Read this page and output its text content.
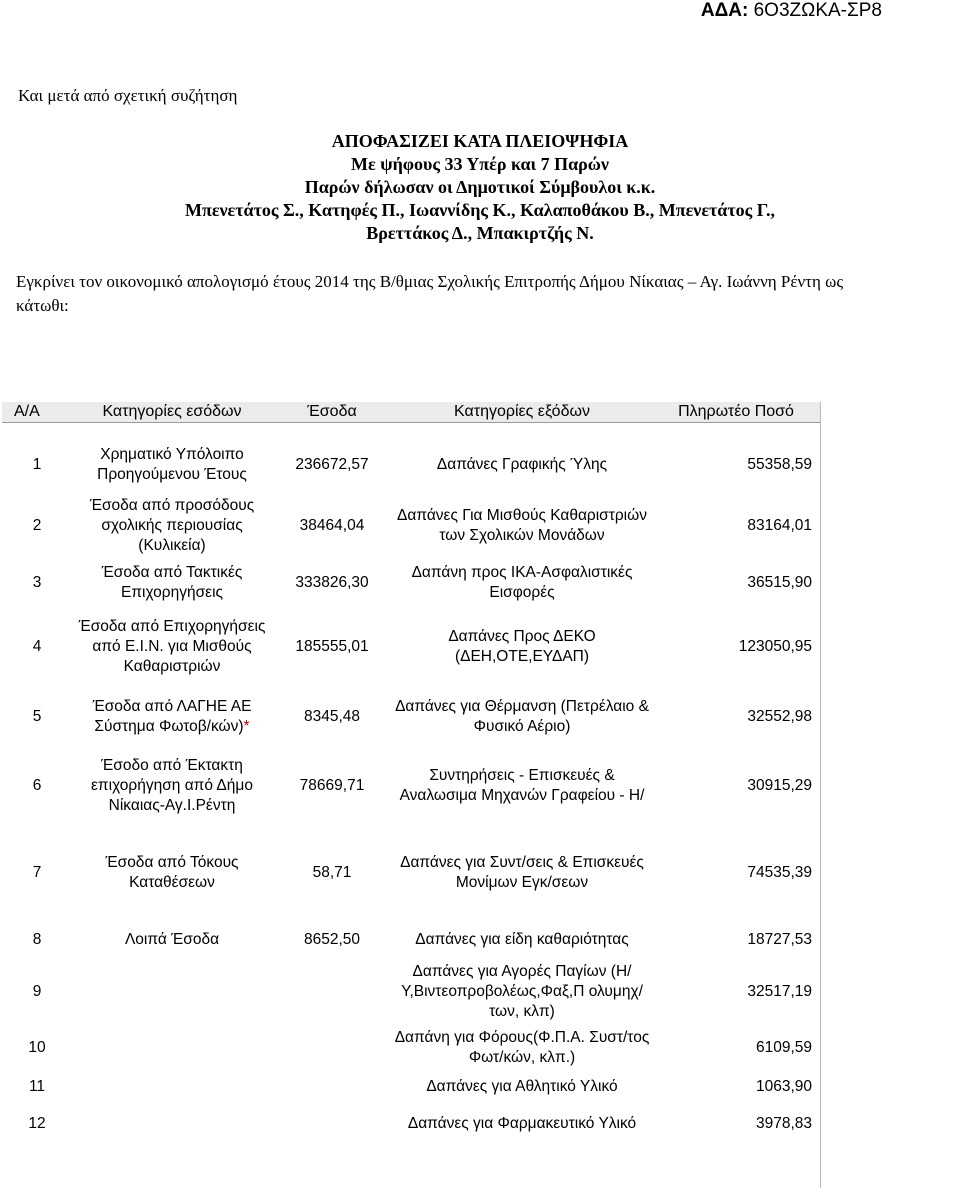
ΑΔΑ: 6Ο3ΖΩΚΑ-ΣΡ8
Και μετά από σχετική συζήτηση
ΑΠΟΦΑΣΙΖΕΙ ΚΑΤΑ ΠΛΕΙΟΨΗΦΙΑ
Με ψήφους 33 Υπέρ και 7 Παρών
Παρών δήλωσαν οι Δημοτικοί Σύμβουλοι κ.κ.
Μπενετάτος Σ., Κατηφές Π., Ιωαννίδης Κ., Καλαποθάκου Β., Μπενετάτος Γ.,
Βρεττάκος Δ., Μπακιρτζής Ν.
Εγκρίνει τον οικονομικό απολογισμό έτους 2014 της Β/θμιας Σχολικής Επιτροπής Δήμου Νίκαιας – Αγ. Ιωάννη Ρέντη ως
κάτωθι:
Α/Α	Κατηγορίες εσόδων	Έσοδα	Κατηγορίες εξόδων	Πληρωτέο Ποσό

1	Χρηματικό Υπόλοιπο Προηγούμενου Έτους	236672,57	Δαπάνες Γραφικής Ύλης	55358,59
2	Έσοδα από προσόδους σχολικής περιουσίας (Κυλικεία)	38464,04	Δαπάνες Για Μισθούς Καθαριστριών των Σχολικών Μονάδων	83164,01
3	Έσοδα από Τακτικές Επιχορηγήσεις	333826,30	Δαπάνη προς ΙΚΑ-Ασφαλιστικές Εισφορές	36515,90
4	Έσοδα από Επιχορηγήσεις από Ε.Ι.Ν. για Μισθούς Καθαριστριών	185555,01	Δαπάνες Προς ΔΕΚΟ (ΔΕΗ,ΟΤΕ,ΕΥΔΑΠ)	123050,95
5	Έσοδα από ΛΑΓΗΕ ΑΕ Σύστημα Φωτοβ/κών)*	8345,48	Δαπάνες για Θέρμανση (Πετρέλαιο & Φυσικό Αέριο)	32552,98
6	Έσοδο από Έκτακτη επιχορήγηση από Δήμο Νίκαιας-Αγ.Ι.Ρέντη	78669,71	Συντηρήσεις - Επισκευές & Αναλωσιμα Μηχανών Γραφείου - Η/	30915,29
7	Έσοδα από Τόκους Καταθέσεων	58,71	Δαπάνες για Συντ/σεις & Επισκευές Μονίμων Εγκ/σεων	74535,39
8	Λοιπά Έσοδα	8652,50	Δαπάνες για είδη καθαριότητας	18727,53
9			Δαπάνες για Αγορές Παγίων (Η/Υ,Βιντεοπροβολέως,Φαξ,Π ολυμηχ/των, κλπ)	32517,19
10			Δαπάνη για Φόρους(Φ.Π.Α. Συστ/τος Φωτ/κών, κλπ.)	6109,59
11			Δαπάνες για Αθλητικό Υλικό	1063,90
12			Δαπάνες για Φαρμακευτικό Υλικό	3978,83
